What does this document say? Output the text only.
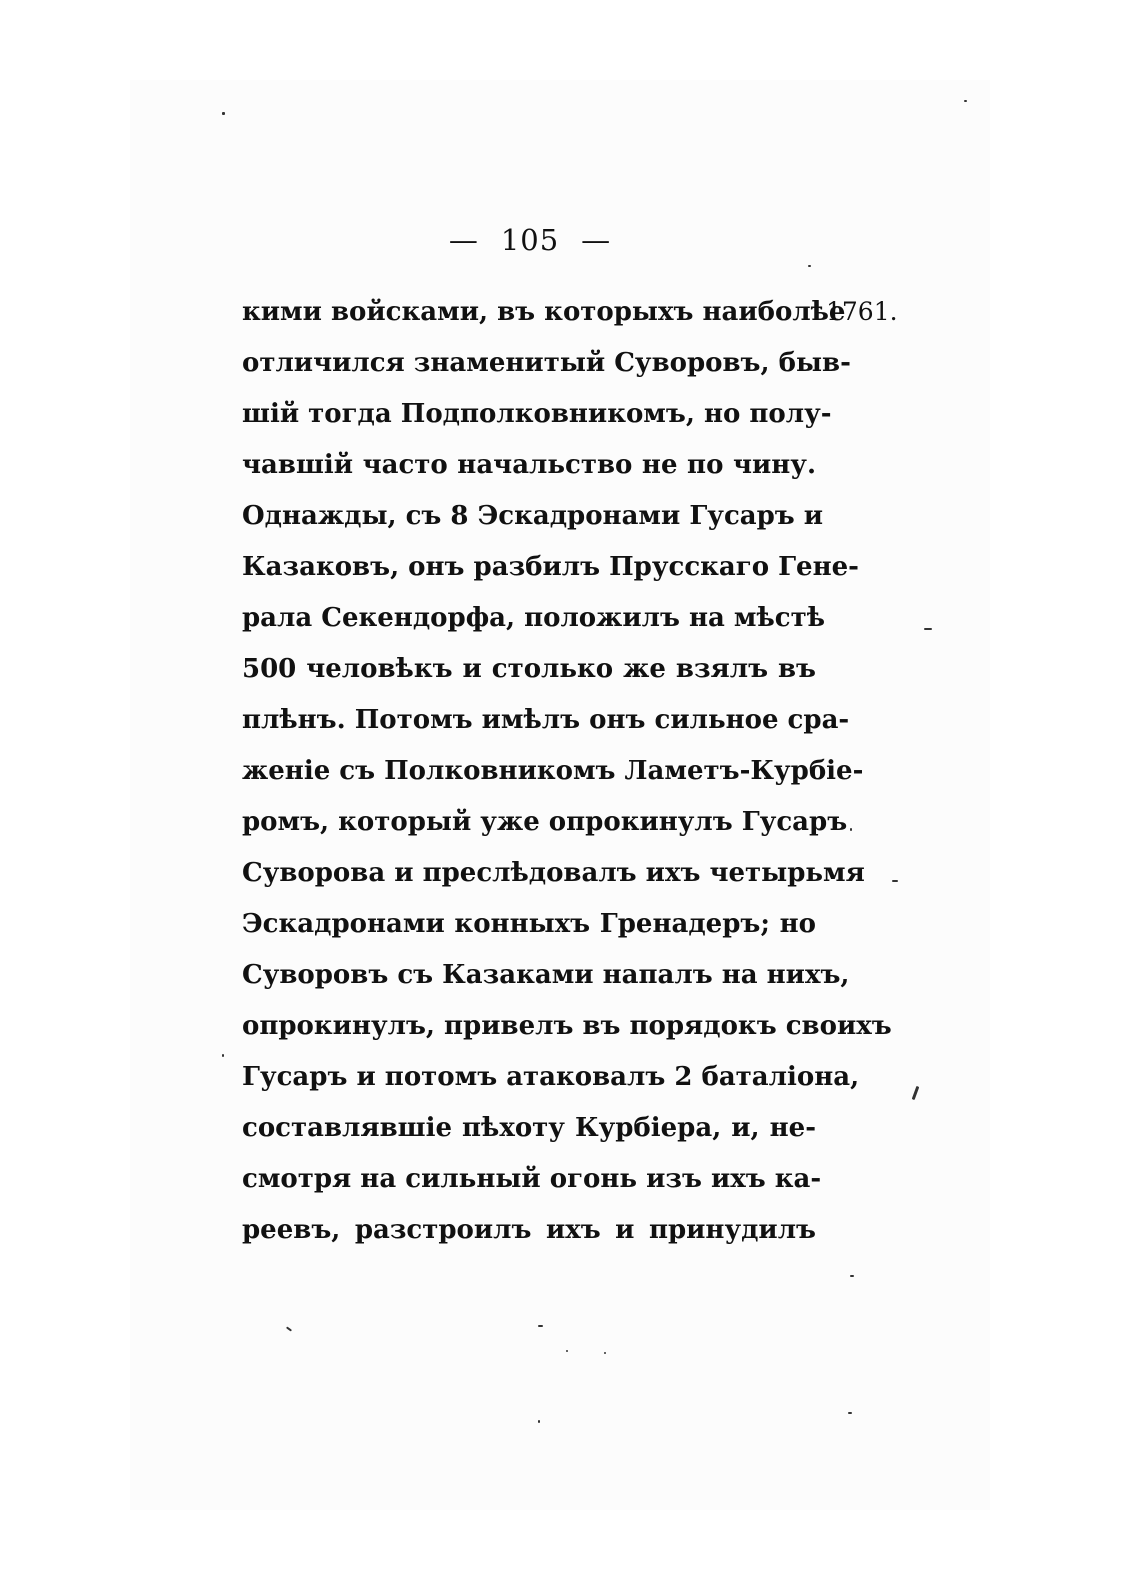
— 105 —
1761.
кими войсками, въ которыхъ наиболѣе
отличился знаменитый Суворовъ, быв-
шій тогда Подполковникомъ, но полу-
чавшій часто начальство не по чину.
Однажды, съ 8 Эскадронами Гусаръ и
Казаковъ, онъ разбилъ Прусскаго Гене-
рала Секендорфа, положилъ на мѣстѣ
500 человѣкъ и столько же взялъ въ
плѣнъ. Потомъ имѣлъ онъ сильное сра-
женіе съ Полковникомъ Ламетъ-Курбіе-
ромъ, который уже опрокинулъ Гусаръ
Суворова и преслѣдовалъ ихъ четырьмя
Эскадронами конныхъ Гренадеръ; но
Суворовъ съ Казаками напалъ на нихъ,
опрокинулъ, привелъ въ порядокъ своихъ
Гусаръ и потомъ атаковалъ 2 баталіона,
составлявшіе пѣхоту Курбіера, и, не-
смотря на сильный огонь изъ ихъ ка-
реевъ, разстроилъ ихъ и принудилъ
